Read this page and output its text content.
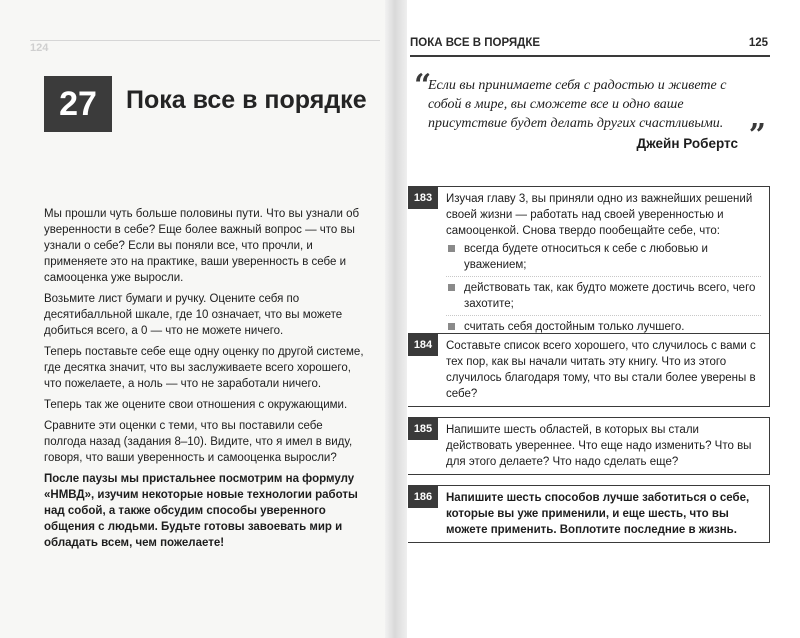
124
27 Пока все в порядке

Мы прошли чуть больше половины пути. Что вы узнали об уверенности в себе? Еще более важный вопрос — что вы узнали о себе? Если вы поняли все, что прочли, и применяете это на практике, ваши уверенность в себе и самооценка уже выросли.

Возьмите лист бумаги и ручку. Оцените себя по десятибалльной шкале, где 10 означает, что вы можете добиться всего, а 0 — что не можете ничего.

Теперь поставьте себе еще одну оценку по другой системе, где десятка значит, что вы заслуживаете всего хорошего, что пожелаете, а ноль — что не заработали ничего.

Теперь так же оцените свои отношения с окружающими.

Сравните эти оценки с теми, что вы поставили себе полгода назад (задания 8–10). Видите, что я имел в виду, говоря, что ваши уверенность и самооценка выросли?

После паузы мы пристальнее посмотрим на формулу «НМВД», изучим некоторые новые технологии работы над собой, а также обсудим способы уверенного общения с людьми. Будьте готовы завоевать мир и обладать всем, чем пожелаете!

ПОКА ВСЕ В ПОРЯДКЕ	125
“
Если вы принимаете себя с радостью и живете с собой в мире, вы сможете все и одно ваше присутствие будет делать других счастливыми.
Джейн Робертс ”
183	Изучая главу 3, вы приняли одно из важнейших решений своей жизни — работать над своей уверенностью и самооценкой. Снова твердо пообещайте себе, что:
всегда будете относиться к себе с любовью и уважением;
действовать так, как будто можете достичь всего, чего захотите;
считать себя достойным только лучшего.
184	Составьте список всего хорошего, что случилось с вами с тех пор, как вы начали читать эту книгу. Что из этого случилось благодаря тому, что вы стали более уверены в себе?
185	Напишите шесть областей, в которых вы стали действовать увереннее. Что еще надо изменить? Что вы для этого делаете? Что надо сделать еще?
186	Напишите шесть способов лучше заботиться о себе, которые вы уже применили, и еще шесть, что вы можете применить. Воплотите последние в жизнь.
